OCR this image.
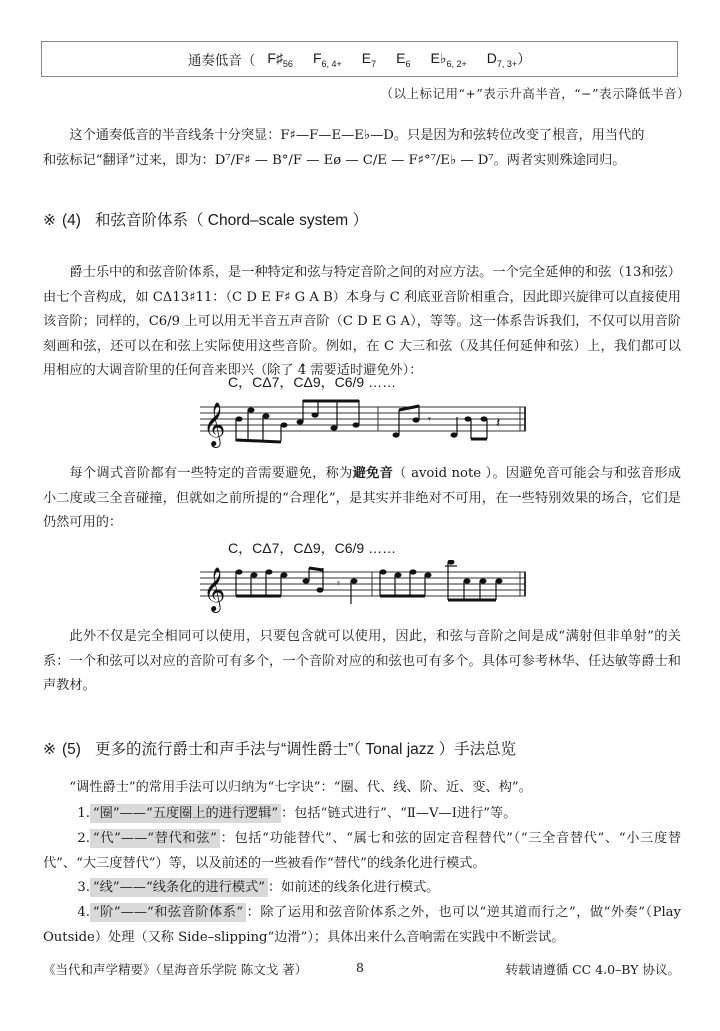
通奏低音（ $F♯_{56}$ $F_{6, 4+}$ $E_7$ $E_6$ $E♭_{6, 2+}$ $D_{7, 3+}$ ）
（以上标记用“+”表示升高半音，“−”表示降低半音）
这个通奏低音的半音线条十分突显：F♯—F—E—E♭—D。只是因为和弦转位改变了根音，用当代的
和弦标记“翻译”过来，即为：D⁷/F♯ — B°/F — Eø — C/E — F♯°⁷/E♭ — D⁷。两者实则殊途同归。
※ (4) 和弦音阶体系（ Chord–scale system ）
爵士乐中的和弦音阶体系，是一种特定和弦与特定音阶之间的对应方法。一个完全延伸的和弦（13和弦）由七个音构成，如 CΔ13♯11：（C D E F♯ G A B）本身与 C 利底亚音阶相重合，因此即兴旋律可以直接使用该音阶；同样的，C6/9 上可以用无半音五声音阶（C D E G A），等等。这一体系告诉我们，不仅可以用音阶刻画和弦，还可以在和弦上实际使用这些音阶。例如，在 C 大三和弦（及其任何延伸和弦）上，我们都可以用相应的大调音阶里的任何音来即兴（除了 4̂ 需要适时避免外）：
C，CΔ7，CΔ9，C6/9 ……
𝄞	𝄾	𝄽
每个调式音阶都有一些特定的音需要避免，称为避免音（ avoid note ）。因避免音可能会与和弦音形成小二度或三全音碰撞，但就如之前所提的“合理化”，是其实并非绝对不可用，在一些特别效果的场合，它们是仍然可用的：
C，CΔ7，CΔ9，C6/9 ……
𝄞	𝄾
此外不仅是完全相同可以使用，只要包含就可以使用，因此，和弦与音阶之间是成“满射但非单射”的关系：一个和弦可以对应的音阶可有多个，一个音阶对应的和弦也可有多个。具体可参考林华、任达敏等爵士和声教材。
※ (5) 更多的流行爵士和声手法与“调性爵士”（ Tonal jazz ）手法总览
“调性爵士”的常用手法可以归纳为“七字诀”：“圈、代、线、阶、近、变、构”。
1. “圈”——“五度圈上的进行逻辑” ：包括“链式进行”、“Ⅱ—Ⅴ—Ⅰ进行”等。
2. “代”——“替代和弦” ：包括“功能替代”、“属七和弦的固定音程替代”（“三全音替代”、“小三度替代”、“大三度替代”）等，以及前述的一些被看作“替代”的线条化进行模式。
3. “线”——“线条化的进行模式” ：如前述的线条化进行模式。
4. “阶”——“和弦音阶体系” ：除了运用和弦音阶体系之外，也可以“逆其道而行之”，做“外奏”（Play Outside）处理（又称 Side–slipping“边滑”）；具体出来什么音响需在实践中不断尝试。
《当代和声学精要》（星海音乐学院 陈文戈 著）	8	转载请遵循 CC 4.0–BY 协议。
